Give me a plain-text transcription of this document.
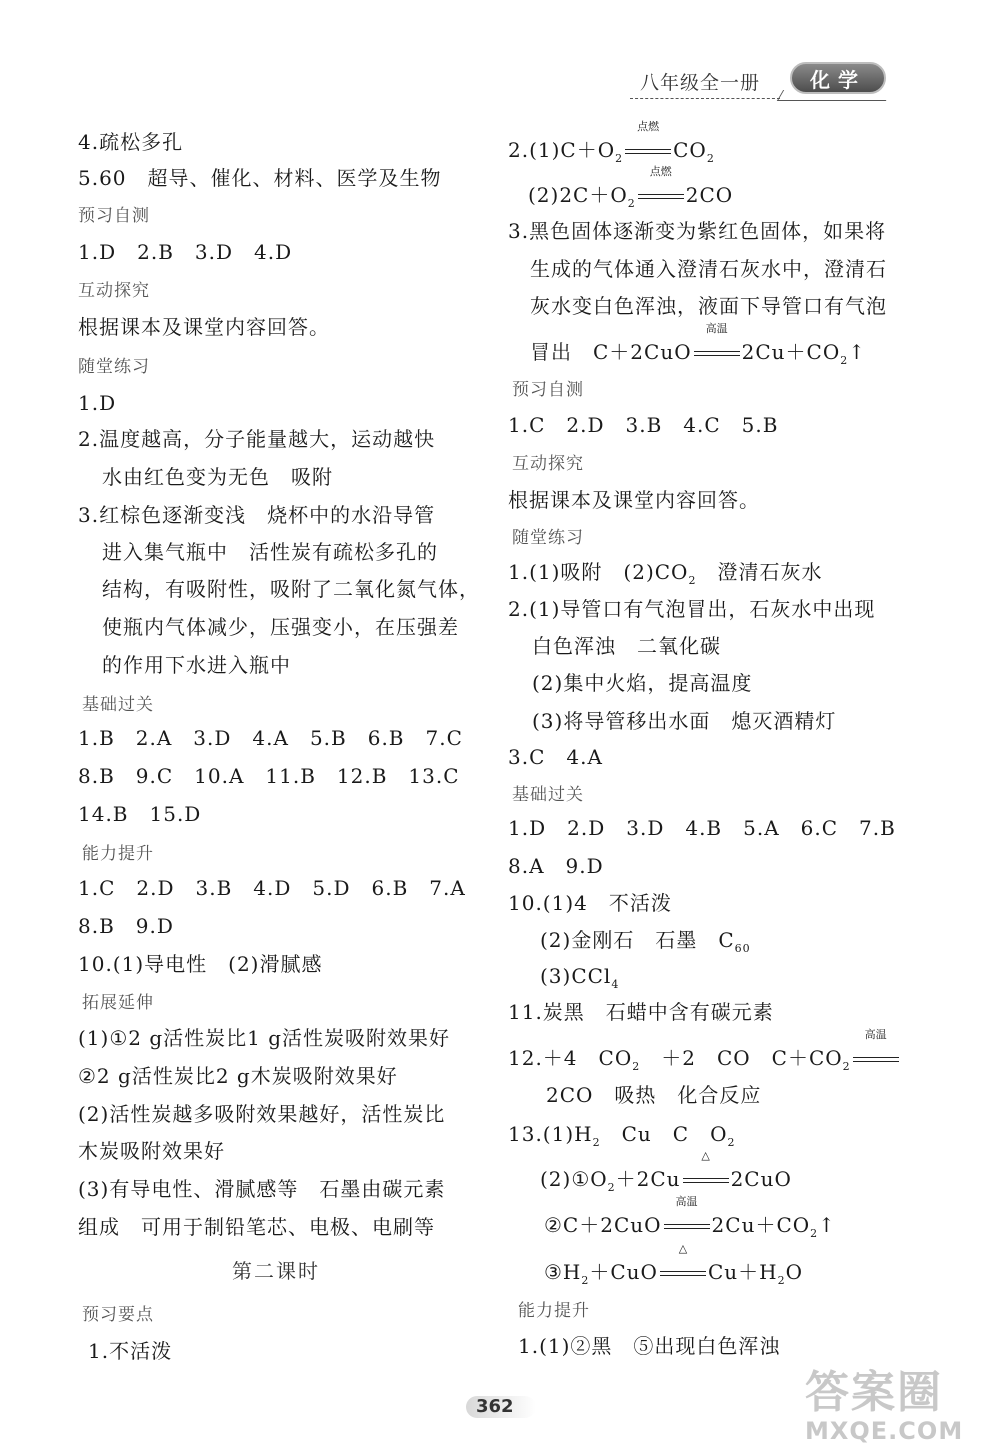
八年级全一册	化学
4.疏松多孔
5.60　超导、催化、材料、医学及生物
预习自测
1.D　2.B　3.D　4.D
互动探究
根据课本及课堂内容回答。
随堂练习
1.D
2.温度越高，分子能量越大，运动越快
水由红色变为无色　吸附
3.红棕色逐渐变浅　烧杯中的水沿导管
进入集气瓶中　活性炭有疏松多孔的
结构，有吸附性，吸附了二氧化氮气体，
使瓶内气体减少，压强变小，在压强差
的作用下水进入瓶中
基础过关
1.B　2.A　3.D　4.A　5.B　6.B　7.C
8.B　9.C　10.A　11.B　12.B　13.C
14.B　15.D
能力提升
1.C　2.D　3.B　4.D　5.D　6.B　7.A
8.B　9.D
10.(1)导电性　(2)滑腻感
拓展延伸
(1)①2 g活性炭比1 g活性炭吸附效果好
②2 g活性炭比2 g木炭吸附效果好
(2)活性炭越多吸附效果越好，活性炭比
木炭吸附效果好
(3)有导电性、滑腻感等　石墨由碳元素
组成　可用于制铅笔芯、电极、电刷等
第二课时
预习要点
1.不活泼
$2.(1)C+O_2$
点燃
$CO_2$
$(2)2C+O_2$
点燃
2CO
3.黑色固体逐渐变为紫红色固体，如果将
生成的气体通入澄清石灰水中，澄清石
灰水变白色浑浊，液面下导管口有气泡
冒出　C＋2CuO
高温
$2Cu+CO_2↑$
预习自测
1.C　2.D　3.B　4.C　5.B
互动探究
根据课本及课堂内容回答。
随堂练习
1.(1)吸附　$(2)CO_2$　澄清石灰水
2.(1)导管口有气泡冒出，石灰水中出现
白色浑浊　二氧化碳
(2)集中火焰，提高温度
(3)将导管移出水面　熄灭酒精灯
3.C　4.A
基础过关
1.D　2.D　3.D　4.B　5.A　6.C　7.B
8.A　9.D
10.(1)4　不活泼
(2)金刚石　石墨　$C_{60}$
(3)CCl$_4$
11.炭黑　石蜡中含有碳元素
12.＋4　$CO_2$　＋2　CO　$C+CO_2$
高温
2CO　吸热　化合反应
$13.(1)H_2$　Cu　C　$O_2$
$(2)①O_2+2Cu$
△
2CuO
②C＋2CuO
高温
$2Cu+CO_2↑$
$③H_2+CuO$
△
$Cu+H_2O$
能力提升
1.(1)②黑　⑤出现白色浑浊
362	答案圈
MXQE.COM
